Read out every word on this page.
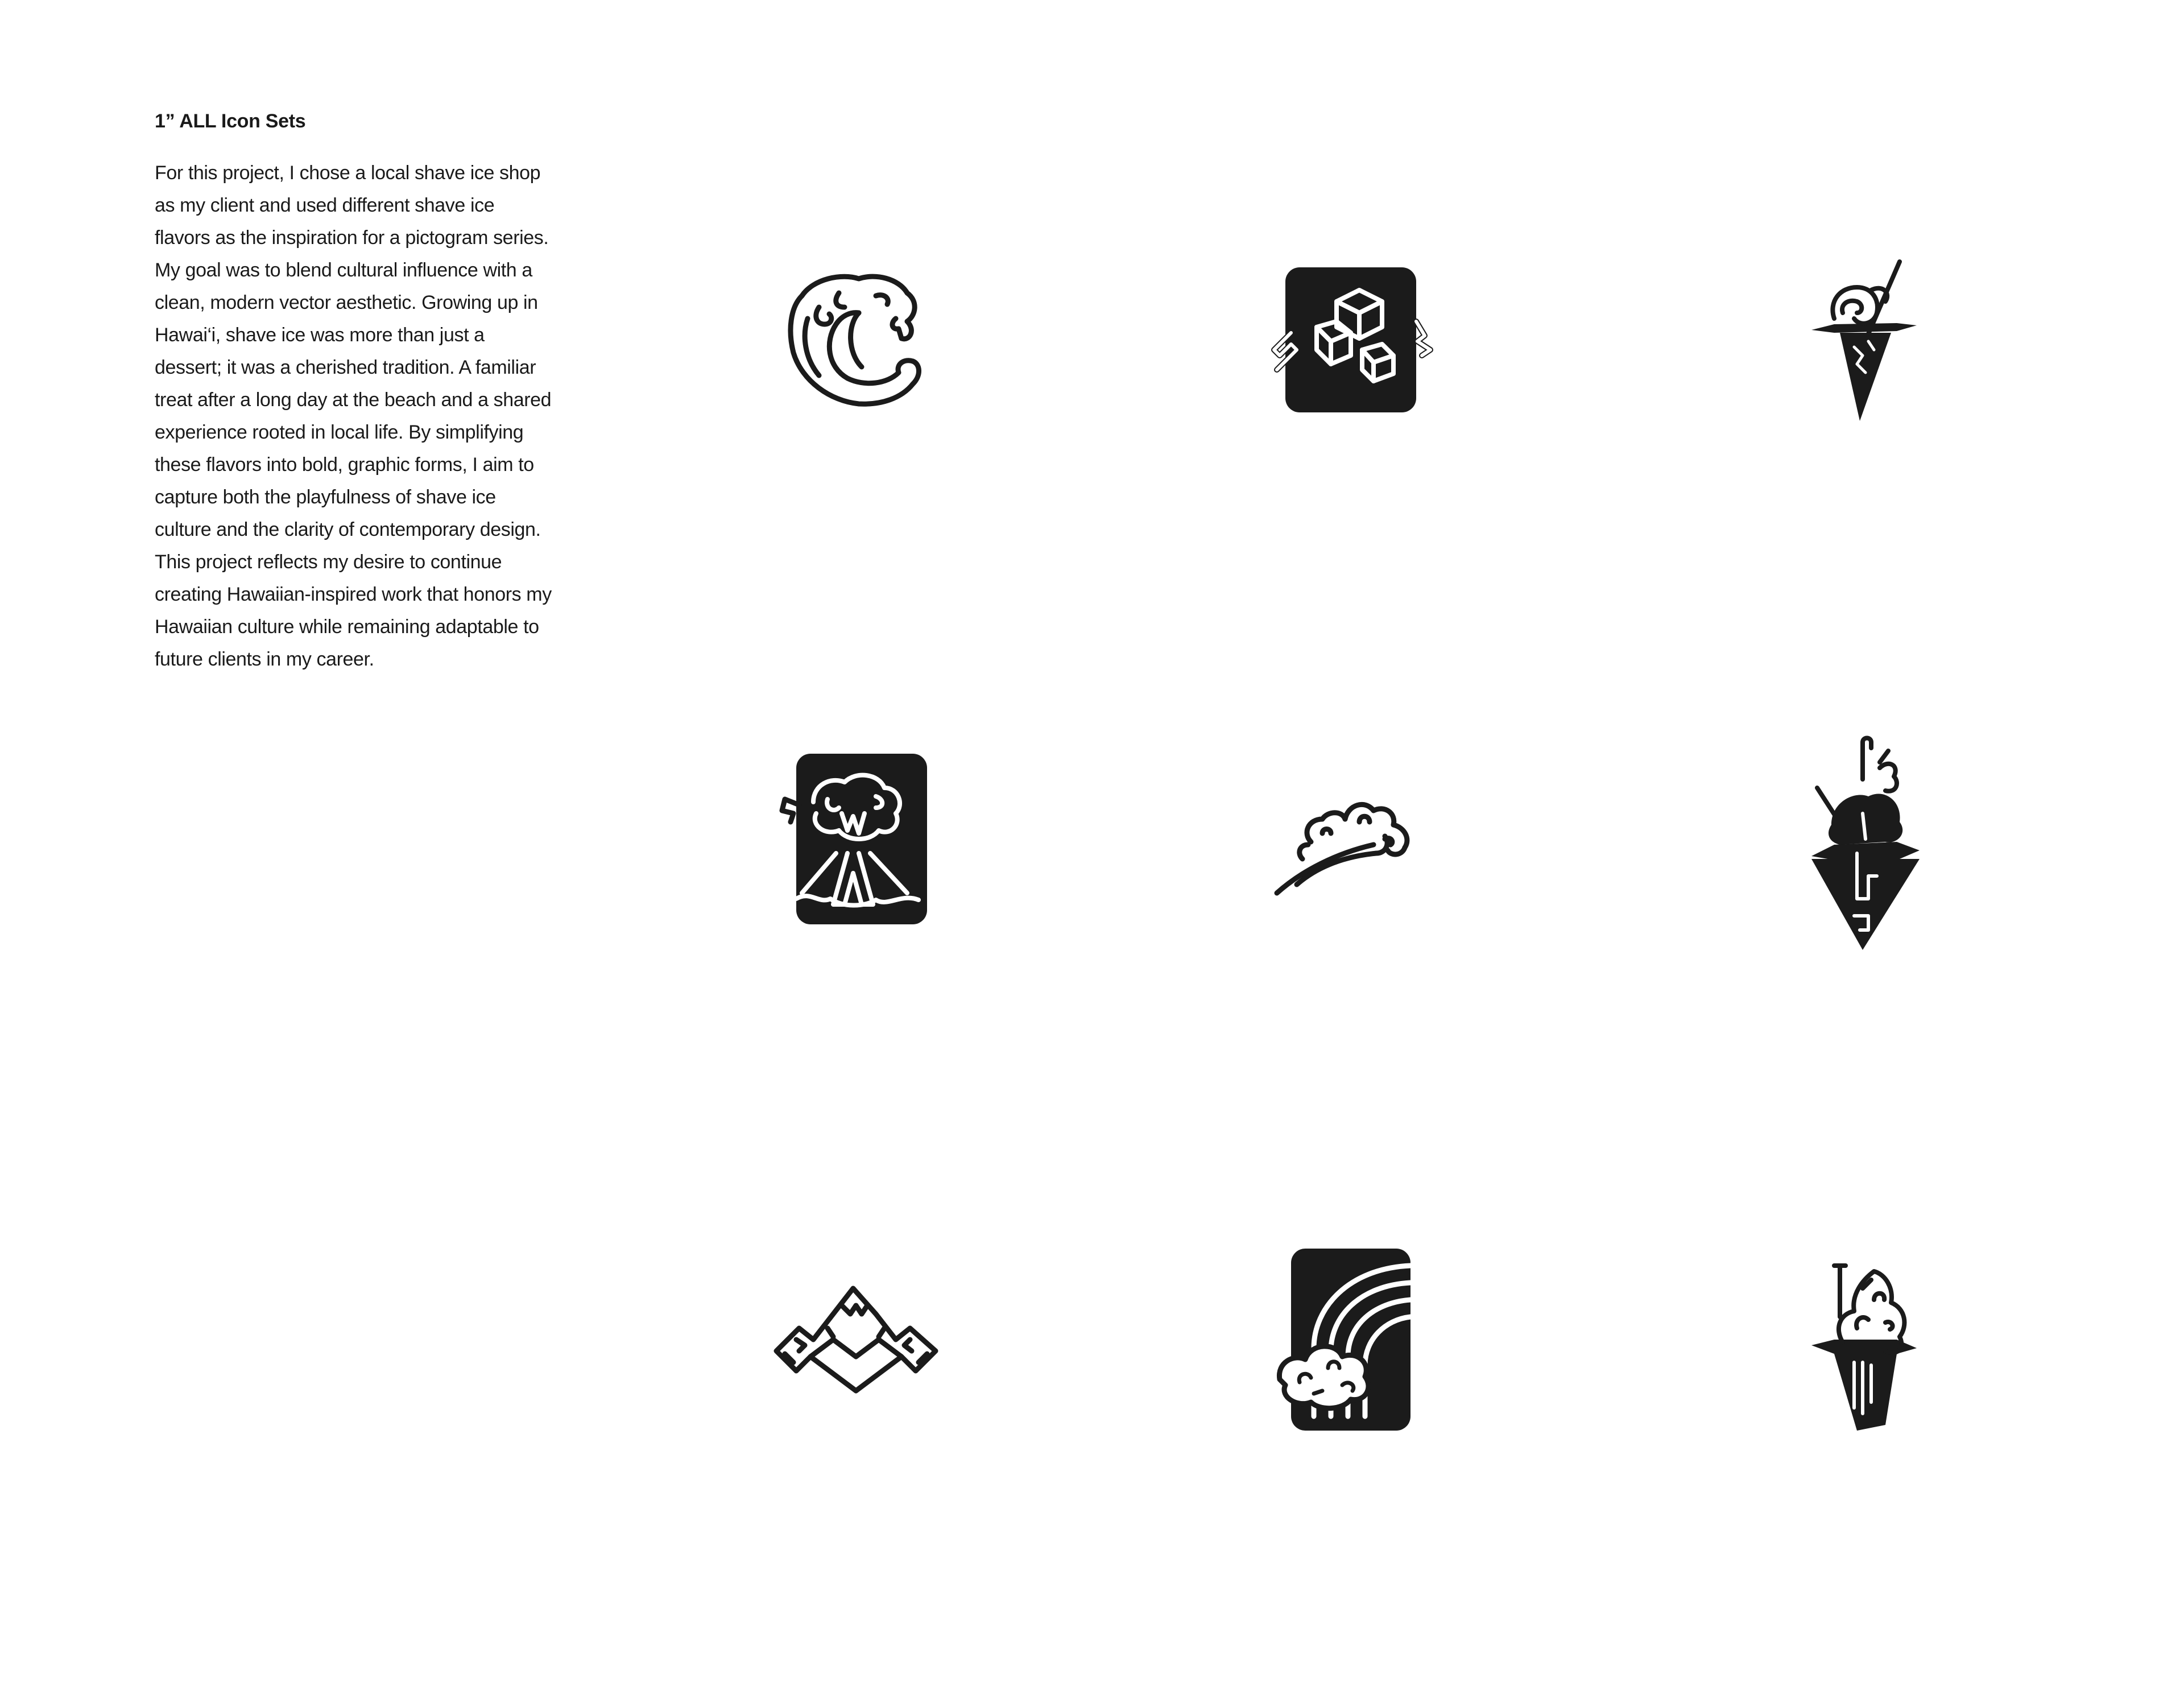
1” ALL Icon Sets

For this project, I chose a local shave ice shop as my client and used different shave ice flavors as the inspiration for a pictogram series. My goal was to blend cultural influence with a clean, modern vector aesthetic. Growing up in Hawai‘i, shave ice was more than just a dessert; it was a cherished tradition. A familiar treat after a long day at the beach and a shared experience rooted in local life. By simplifying these flavors into bold, graphic forms, I aim to capture both the playfulness of shave ice culture and the clarity of contemporary design. This project reflects my desire to continue creating Hawaiian-inspired work that honors my Hawaiian culture while remaining adaptable to future clients in my career.
